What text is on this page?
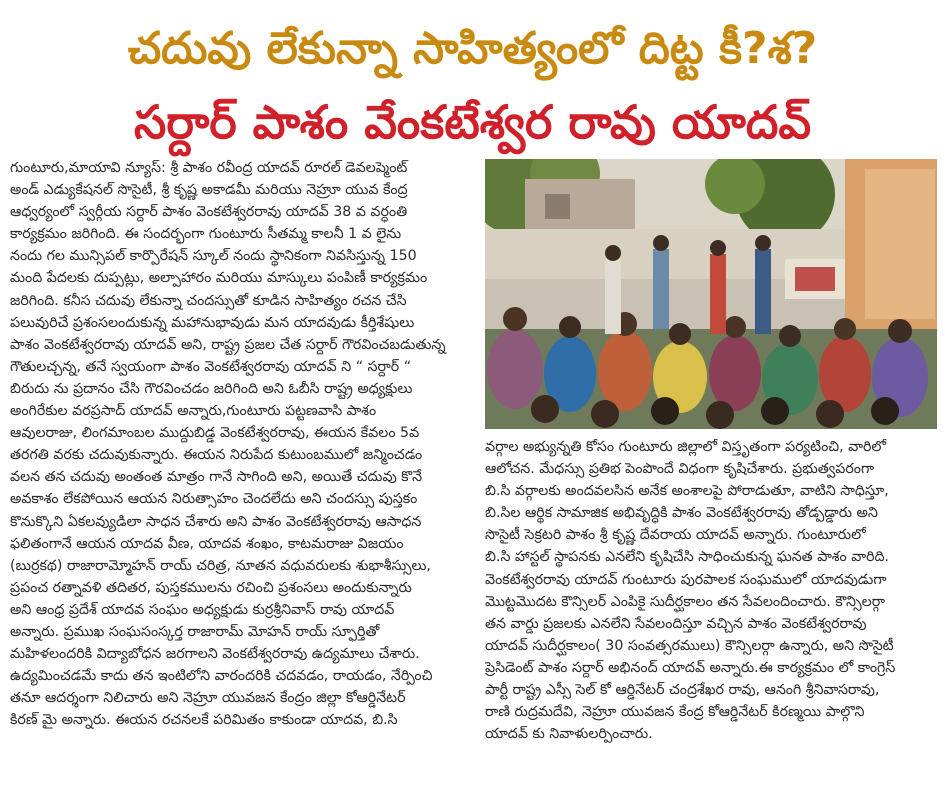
చదువు లేకున్నా సాహిత్యంలో దిట్ట కీ?శ?
సర్దార్ పాశం వేంకటేశ్వర రావు యాదవ్

గుంటూరు,మాయావి న్యూస్: శ్రీ పాశం రవీంద్ర యాదవ్ రూరల్ డెవలప్మెంట్

అండ్ ఎడ్యుకేషనల్ సొసైటీ, శ్రీ కృష్ణ అకాడమీ మరియు నెహ్రూ యువ కేంద్ర

ఆధ్వర్యంలో స్వర్గీయ సర్దార్ పాశం వెంకటేశ్వరరావు యాదవ్ 38 వ వర్ధంతి

కార్యక్రమం జరిగింది. ఈ సందర్భంగా గుంటూరు సీతమ్మ కాలనీ 1 వ లైను

నందు గల మున్సిపల్ కార్పొరేషన్ స్కూల్ నందు స్థానికంగా నివసిస్తున్న 150

మంది పేదలకు దుప్పట్లు, అల్పాహారం మరియు మాస్కులు పంపిణీ కార్యక్రమం

జరిగింది. కనీస చదువు లేకున్నా చందస్సుతో కూడిన సాహిత్యం రచన చేసి

పలువురిచే ప్రశంసలందుకున్న మహానుభావుడు మన యాదవుడు కీర్తిశేషులు

పాశం వెంకటేశ్వరరావు యాదవ్ అని, రాష్ట్ర ప్రజల చేత సర్దార్ గౌరవించబడుతున్న

గౌతులచ్చన్న, తనే స్వయంగా పాశం వెంకటేశ్వరరావు యాదవ్ ని “ సర్దార్ “

బిరుదు ను ప్రదానం చేసి గౌరవించడం జరిగింది అని ఓబీసి రాష్ట్ర అధ్యక్షులు

అంగిరేకుల వరప్రసాద్ యాదవ్ అన్నారు,గుంటూరు పట్టణవాసి పాశం

ఆవులరాజు, లింగమాంబల ముద్దుబిడ్డ వెంకటేశ్వరరావు, ఈయన కేవలం 5వ

తరగతి వరకు చదువుకున్నారు. ఈయన నిరుపేద కుటుంబములో జన్మించడం

వలన తన చదువు అంతంత మాత్రం గానే సాగింది అని, అయితే చదువు కొనే

అవకాశం లేకపోయిన ఆయన నిరుత్సాహం చెందలేదు అని చందస్సు పుస్తకం

కొనుక్కొని ఏకలవ్యుడిలా సాధన చేశారు అని పాశం వెంకటేశ్వరరావు ఆసాధన

ఫలితంగానే ఆయన యాదవ వీణ, యాదవ శంఖం, కాటమరాజు విజయం

(బుర్రకథ) రాజారామ్మోహన్ రాయ్ చరిత్ర, నూతన వధువరులకు శుభాశీస్సులు,

ప్రపంచ రత్నావళి తదితర, పుస్తకములను రచించి ప్రశంసలు అందుకున్నారు

అని ఆంధ్ర ప్రదేశ్ యాదవ సంఘం అధ్యక్షుడు కుర్రశ్రీనివాస్ రావు యాదవ్

అన్నారు. ప్రముఖ సంఘసంస్కర్త రాజారామ్ మోహన్ రాయ్ స్ఫూర్తితో

మహిళలందరికి విద్యాబోధన జరగాలని వెంకటేశ్వరరావు ఉద్యమాలు చేశారు.

ఉద్యమించడమే కాదు తన ఇంటిలోని వారందరికి చదవడం, రాయడం, నేర్పించి

తనూ ఆదర్శంగా నిలిచారు అని నెహ్రూ యువజన కేంద్రం జిల్లా కోఆర్డినేటర్

కిరణ్ మై అన్నారు. ఈయన రచనలకే పరిమితం కాకుండా యాదవ, బి.సి

వర్గాల అభ్యున్నతి కోసం గుంటూరు జిల్లాలో విస్తృతంగా పర్యటించి, వారిలో

ఆలోచన. మేధస్సు ప్రతిభ పెంపొందే విధంగా కృషిచేశారు. ప్రభుత్వపరంగా

బి.సి వర్గాలకు అందవలసిన అనేక అంశాలపై పోరాడుతూ, వాటిని సాధిస్తూ,

బి.సిల ఆర్థిక సామాజిక అభివృద్ధికి పాశం వెంకటేశ్వరరావు తోడ్పడ్డారు అని

సొసైటీ సెక్రటరి పాశం శ్రీ కృష్ణ దేవరాయ యాదవ్ అన్నారు. గుంటూరులో

బి.సి హాస్టల్ స్థాపనకు ఎనలేని కృషిచేసి సాధించుకున్న ఘనత పాశం వారిది.

వెంకటేశ్వరరావు యాదవ్ గుంటూరు పురపాలక సంఘములో యాదవుడుగా

మొట్టమొదట కౌన్సిలర్ ఎంపికై సుదీర్ఘకాలం తన సేవలందించారు. కౌన్సిలర్గా

తన వార్డు ప్రజలకు ఎనలేని సేవలందిస్తూ వచ్చిన పాశం వెంకటేశ్వరరావు

యాదవ్ సుదీర్ఘకాలం( 30 సంవత్సరములు) కౌన్సిలర్గా ఉన్నారు, అని సొసైటీ

ప్రెసిడెంట్ పాశం సర్దార్ అభినంద్ యాదవ్ అన్నారు.ఈ కార్యక్రమం లో కాంగ్రెస్

పార్టీ రాష్ట్ర ఎస్సీ సెల్ కో ఆర్డినేటర్ చంద్రశేఖర రావు, ఆనంగి శ్రీనివాసరావు,

రాణి రుద్రమదేవి, నెహ్రూ యువజన కేంద్ర కోఆర్డినేటర్ కిరణ్మయి పాల్గొని

యాదవ్ కు నివాళులర్పించారు.
